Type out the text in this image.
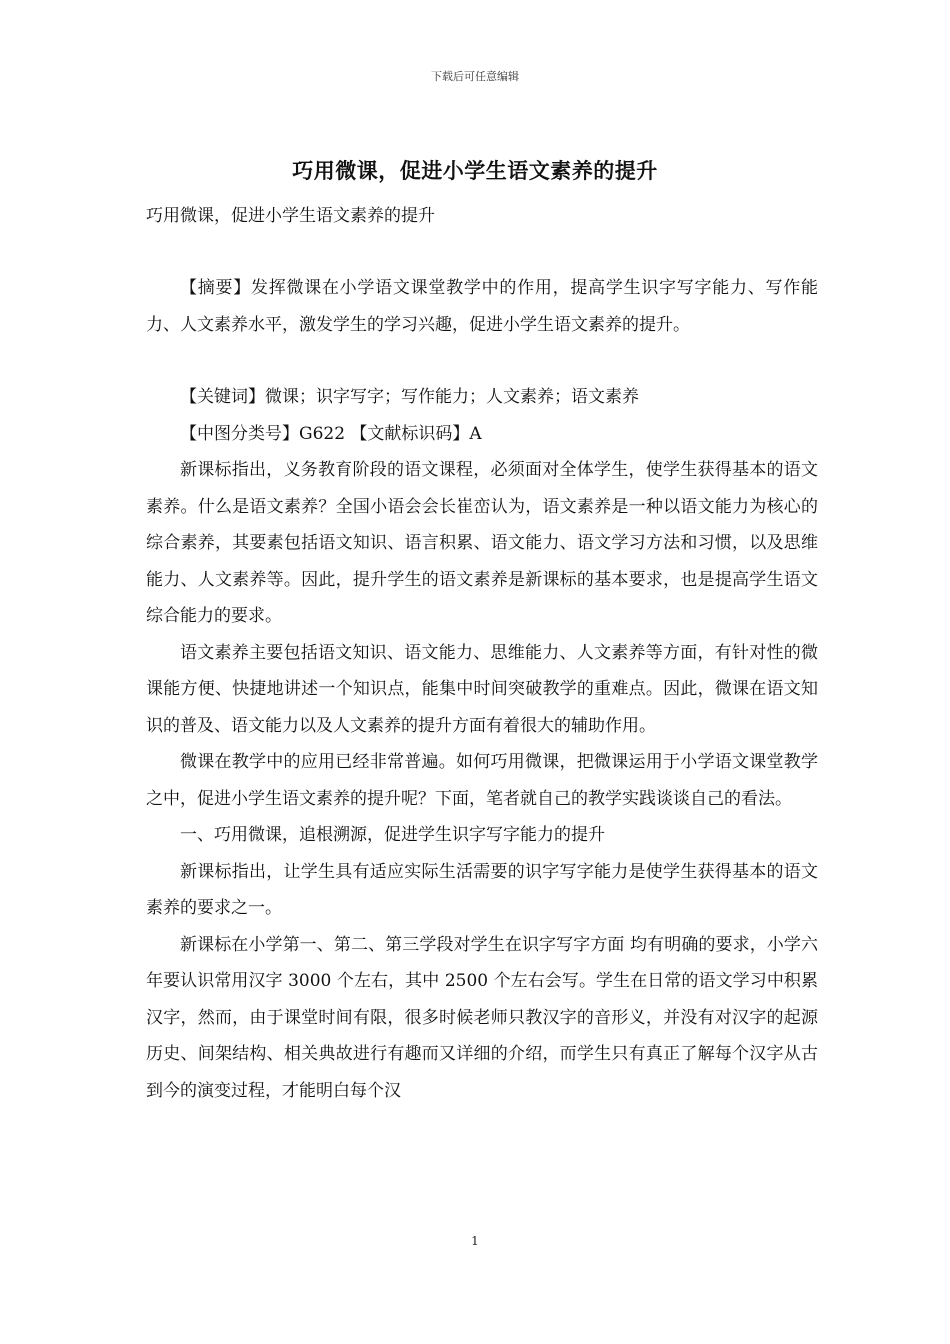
下载后可任意编辑
巧用微课，促进小学生语文素养的提升

巧用微课，促进小学生语文素养的提升

【摘要】发挥微课在小学语文课堂教学中的作用，提高学生识字写字能力、写作能力、人文素养水平，激发学生的学习兴趣，促进小学生语文素养的提升。

【关键词】微课；识字写字；写作能力；人文素养；语文素养

【中图分类号】G622 【文献标识码】A

新课标指出，义务教育阶段的语文课程，必须面对全体学生，使学生获得基本的语文素养。什么是语文素养？全国小语会会长崔峦认为，语文素养是一种以语文能力为核心的综合素养，其要素包括语文知识、语言积累、语文能力、语文学习方法和习惯，以及思维能力、人文素养等。因此，提升学生的语文素养是新课标的基本要求，也是提高学生语文综合能力的要求。

语文素养主要包括语文知识、语文能力、思维能力、人文素养等方面，有针对性的微课能方便、快捷地讲述一个知识点，能集中时间突破教学的重难点。因此，微课在语文知识的普及、语文能力以及人文素养的提升方面有着很大的辅助作用。

微课在教学中的应用已经非常普遍。如何巧用微课，把微课运用于小学语文课堂教学之中，促进小学生语文素养的提升呢？下面，笔者就自己的教学实践谈谈自己的看法。

一、巧用微课，追根溯源，促进学生识字写字能力的提升

新课标指出，让学生具有适应实际生活需要的识字写字能力是使学生获得基本的语文素养的要求之一。

新课标在小学第一、第二、第三学段对学生在识字写字方面 均有明确的要求，小学六年要认识常用汉字 3000 个左右，其中 2500 个左右会写。学生在日常的语文学习中积累汉字，然而，由于课堂时间有限，很多时候老师只教汉字的音形义，并没有对汉字的起源历史、间架结构、相关典故进行有趣而又详细的介绍，而学生只有真正了解每个汉字从古到今的演变过程，才能明白每个汉

1
